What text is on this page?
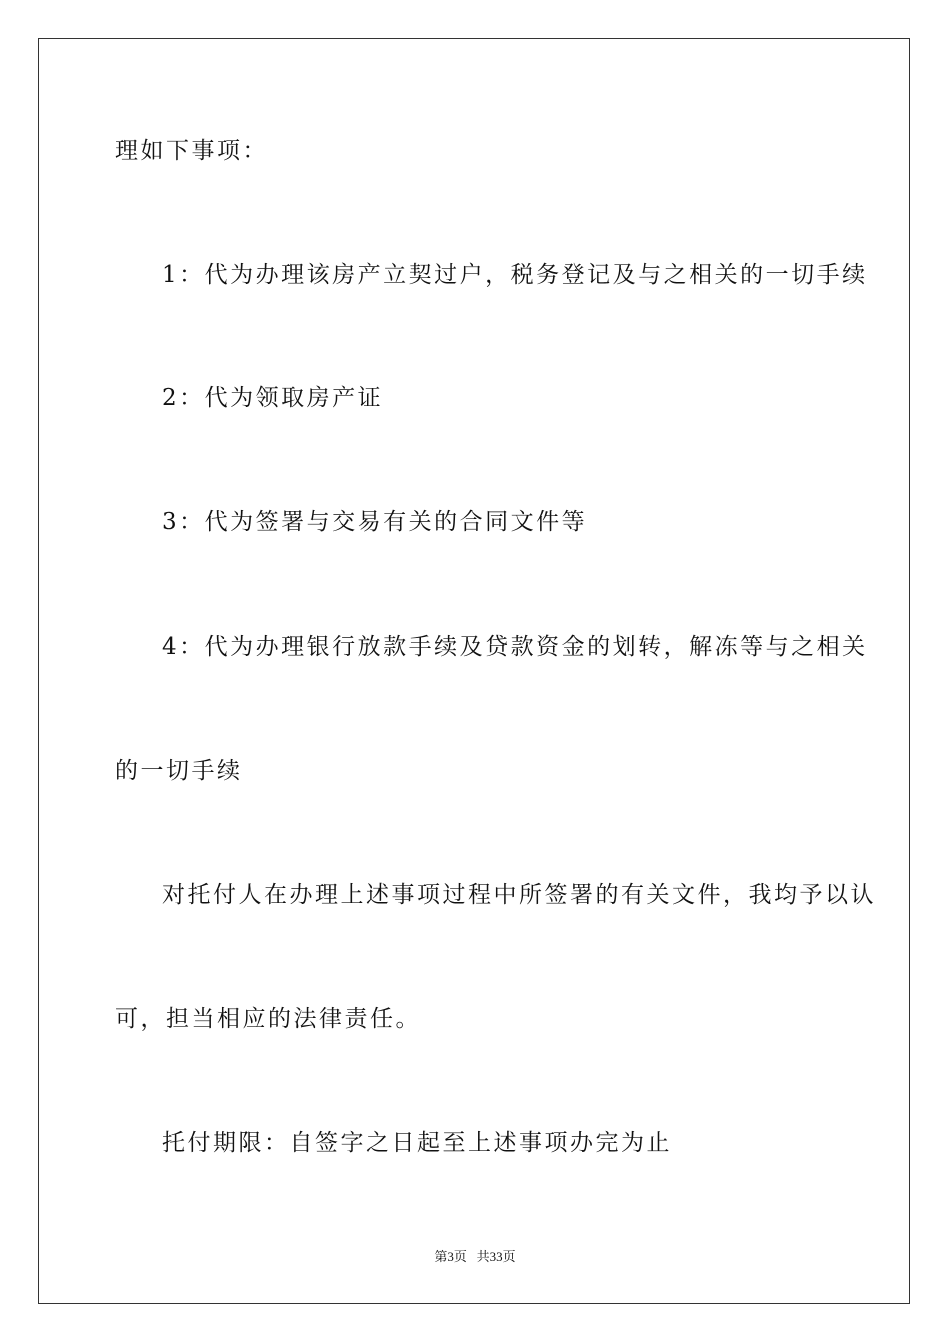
理如下事项：
1：代为办理该房产立契过户，税务登记及与之相关的一切手续
2：代为领取房产证
3：代为签署与交易有关的合同文件等
4：代为办理银行放款手续及贷款资金的划转，解冻等与之相关
的一切手续
对托付人在办理上述事项过程中所签署的有关文件，我均予以认
可，担当相应的法律责任。
托付期限：自签字之日起至上述事项办完为止
第3页   共33页
